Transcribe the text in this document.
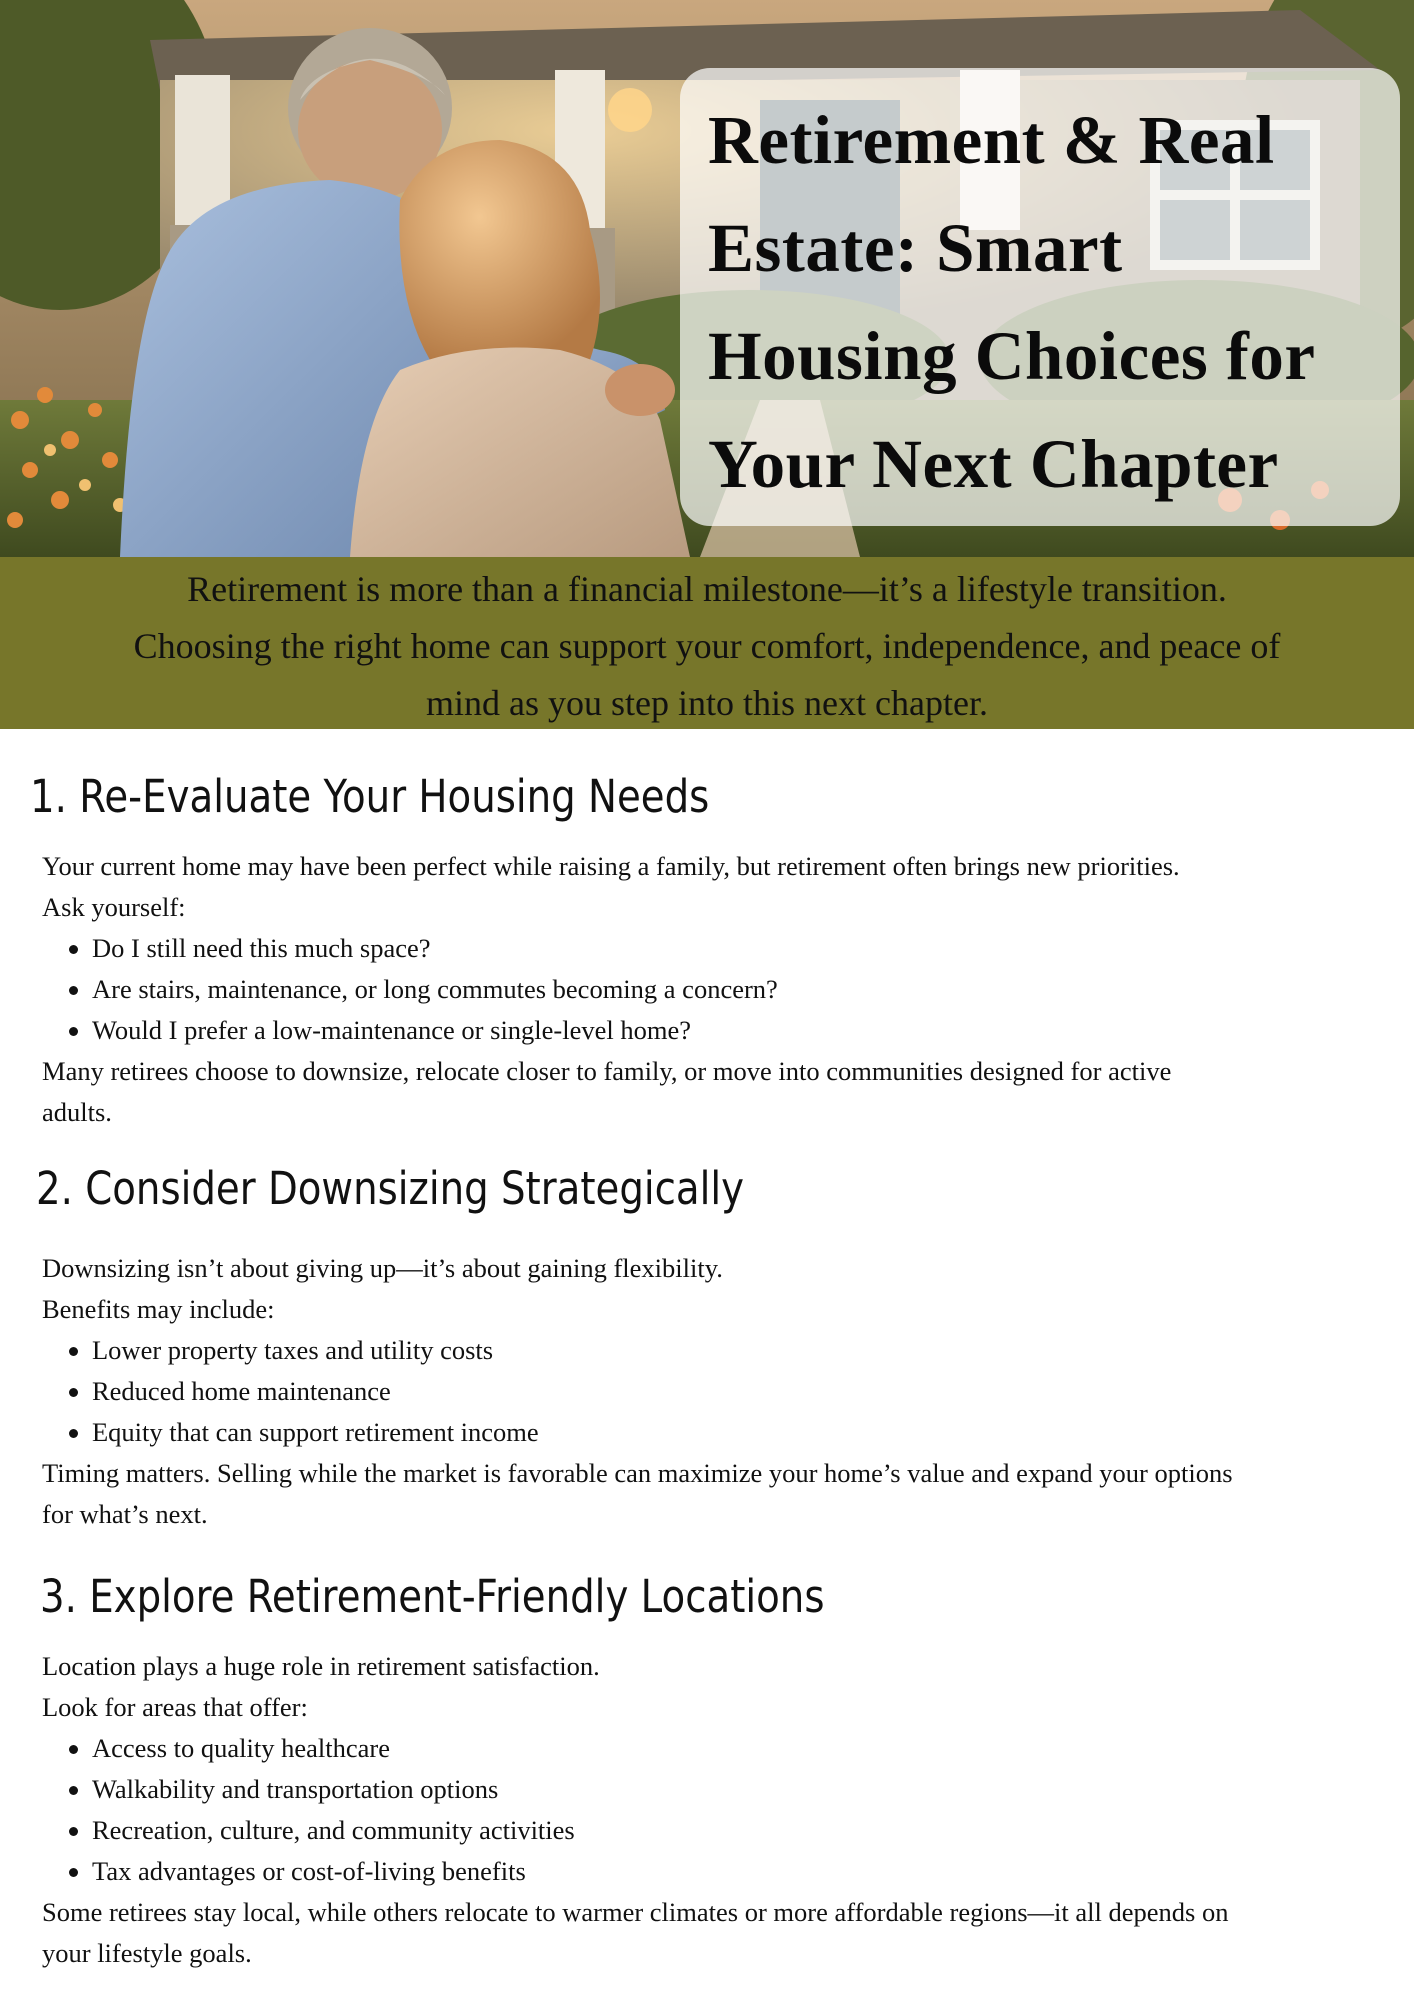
Retirement & Real
Estate: Smart
Housing Choices for
Your Next Chapter

Retirement is more than a financial milestone—it’s a lifestyle transition.

Choosing the right home can support your comfort, independence, and peace of

mind as you step into this next chapter.

1. Re-Evaluate Your Housing Needs

Your current home may have been perfect while raising a family, but retirement often brings new priorities.

Ask yourself:

Do I still need this much space?
Are stairs, maintenance, or long commutes becoming a concern?
Would I prefer a low-maintenance or single-level home?

Many retirees choose to downsize, relocate closer to family, or move into communities designed for active

adults.

2. Consider Downsizing Strategically

Downsizing isn’t about giving up—it’s about gaining flexibility.

Benefits may include:

Lower property taxes and utility costs
Reduced home maintenance
Equity that can support retirement income

Timing matters. Selling while the market is favorable can maximize your home’s value and expand your options

for what’s next.

3. Explore Retirement-Friendly Locations

Location plays a huge role in retirement satisfaction.

Look for areas that offer:

Access to quality healthcare
Walkability and transportation options
Recreation, culture, and community activities
Tax advantages or cost-of-living benefits

Some retirees stay local, while others relocate to warmer climates or more affordable regions—it all depends on

your lifestyle goals.
